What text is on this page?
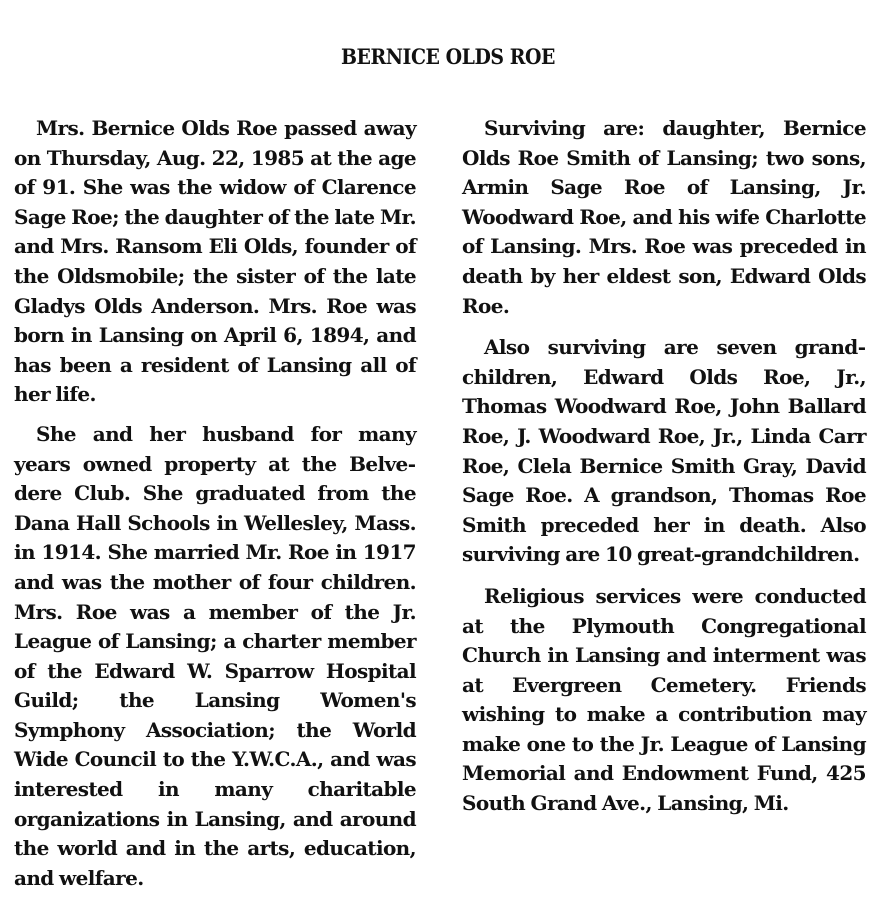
BERNICE OLDS ROE

Mrs. Bernice Olds Roe passed away on Thursday, Aug. 22, 1985 at the age of 91. She was the widow of Clarence Sage Roe; the daughter of the late Mr. and Mrs. Ransom Eli Olds, founder of the Oldsmobile; the sister of the late Gladys Olds Anderson. Mrs. Roe was born in Lansing on April 6, 1894, and has been a resident of Lansing all of her life.

She and her husband for many years owned property at the Belvedere Club. She graduated from the Dana Hall Schools in Wellesley, Mass. in 1914. She married Mr. Roe in 1917 and was the mother of four children. Mrs. Roe was a member of the Jr. League of Lansing; a charter member of the Edward W. Sparrow Hospital Guild; the Lansing Women's Symphony Association; the World Wide Council to the Y.W.C.A., and was interested in many charitable organizations in Lansing, and around the world and in the arts, education, and welfare.

Surviving are: daughter, Bernice Olds Roe Smith of Lansing; two sons, Armin Sage Roe of Lansing, Jr. Woodward Roe, and his wife Charlotte of Lansing. Mrs. Roe was preceded in death by her eldest son, Edward Olds Roe.

Also surviving are seven grandchildren, Edward Olds Roe, Jr., Thomas Woodward Roe, John Ballard Roe, J. Woodward Roe, Jr., Linda Carr Roe, Clela Bernice Smith Gray, David Sage Roe. A grandson, Thomas Roe Smith preceded her in death. Also surviving are 10 great-grandchildren.

Religious services were conducted at the Plymouth Congregational Church in Lansing and interment was at Evergreen Cemetery. Friends wishing to make a contribution may make one to the Jr. League of Lansing Memorial and Endowment Fund, 425 South Grand Ave., Lansing, Mi.
